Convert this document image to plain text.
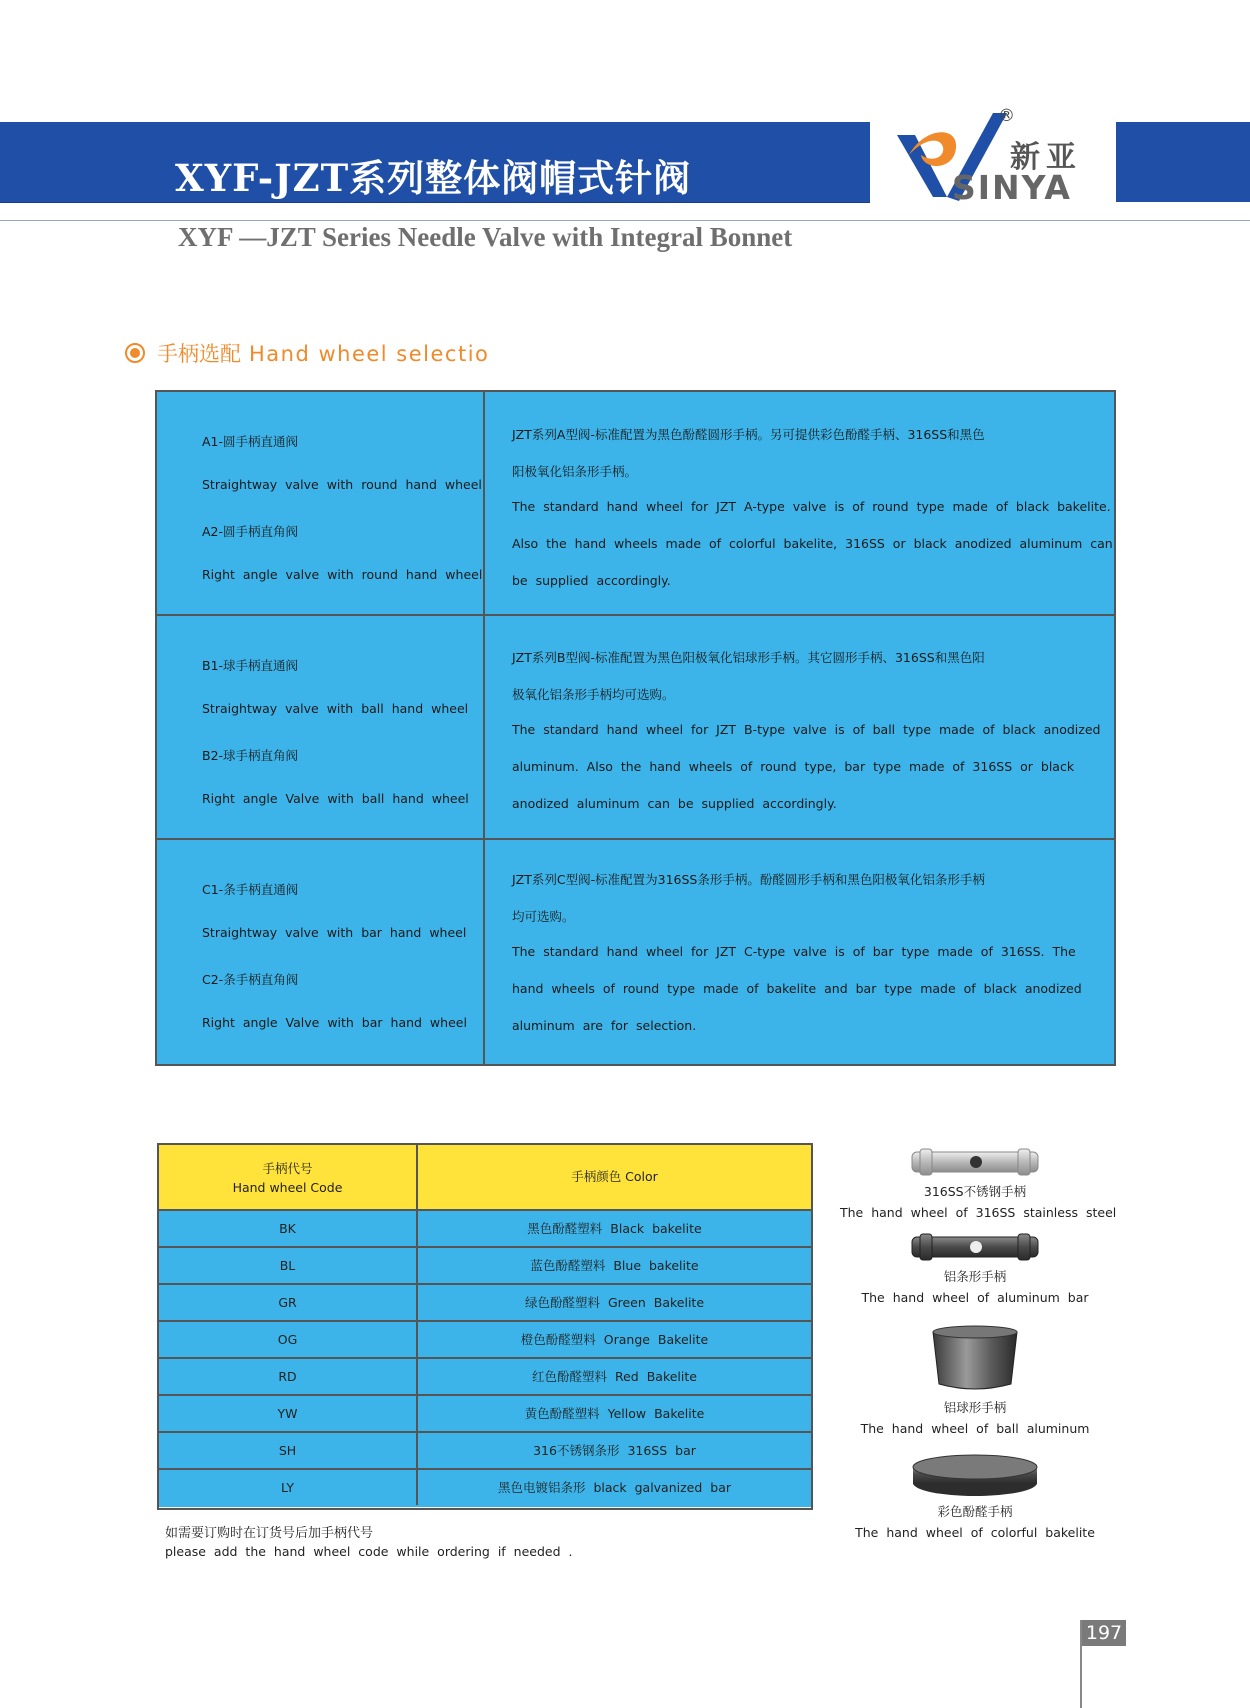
XYF-JZT系列整体阀帽式针阀
XYF —JZT Series Needle Valve with Integral Bonnet
®
新亚
SINYA
手柄选配 Hand wheel selectio
A1-圆手柄直通阀
Straightway valve with round hand wheel
A2-圆手柄直角阀
Right angle valve with round hand wheel
JZT系列A型阀-标准配置为黑色酚醛圆形手柄。另可提供彩色酚醛手柄、316SS和黑色
阳极氧化铝条形手柄。
The standard hand wheel for JZT A-type valve is of round type made of black bakelite.
Also the hand wheels made of colorful bakelite, 316SS or black anodized aluminum can
be supplied accordingly.
B1-球手柄直通阀
Straightway valve with ball hand wheel
B2-球手柄直角阀
Right angle Valve with ball hand wheel
JZT系列B型阀-标准配置为黑色阳极氧化铝球形手柄。其它圆形手柄、316SS和黑色阳
极氧化铝条形手柄均可选购。
The standard hand wheel for JZT B-type valve is of ball type made of black anodized
aluminum. Also the hand wheels of round type, bar type made of 316SS or black
anodized aluminum can be supplied accordingly.
C1-条手柄直通阀
Straightway valve with bar hand wheel
C2-条手柄直角阀
Right angle Valve with bar hand wheel
JZT系列C型阀-标准配置为316SS条形手柄。酚醛圆形手柄和黑色阳极氧化铝条形手柄
均可选购。
The standard hand wheel for JZT C-type valve is of bar type made of 316SS. The
hand wheels of round type made of bakelite and bar type made of black anodized
aluminum are for selection.
手柄代号
Hand wheel Code
手柄颜色 Color
BK	黑色酚醛塑料 Black bakelite
BL	蓝色酚醛塑料 Blue bakelite
GR	绿色酚醛塑料 Green Bakelite
OG	橙色酚醛塑料 Orange Bakelite
RD	红色酚醛塑料 Red Bakelite
YW	黄色酚醛塑料 Yellow Bakelite
SH	316不锈钢条形 316SS bar
LY	黑色电镀铝条形 black galvanized bar
如需要订购时在订货号后加手柄代号
please add the hand wheel code while ordering if needed .
316SS不锈钢手柄
The hand wheel of 316SS stainless steel
铝条形手柄
The hand wheel of aluminum bar
铝球形手柄
The hand wheel of ball aluminum
彩色酚醛手柄
The hand wheel of colorful bakelite
197
